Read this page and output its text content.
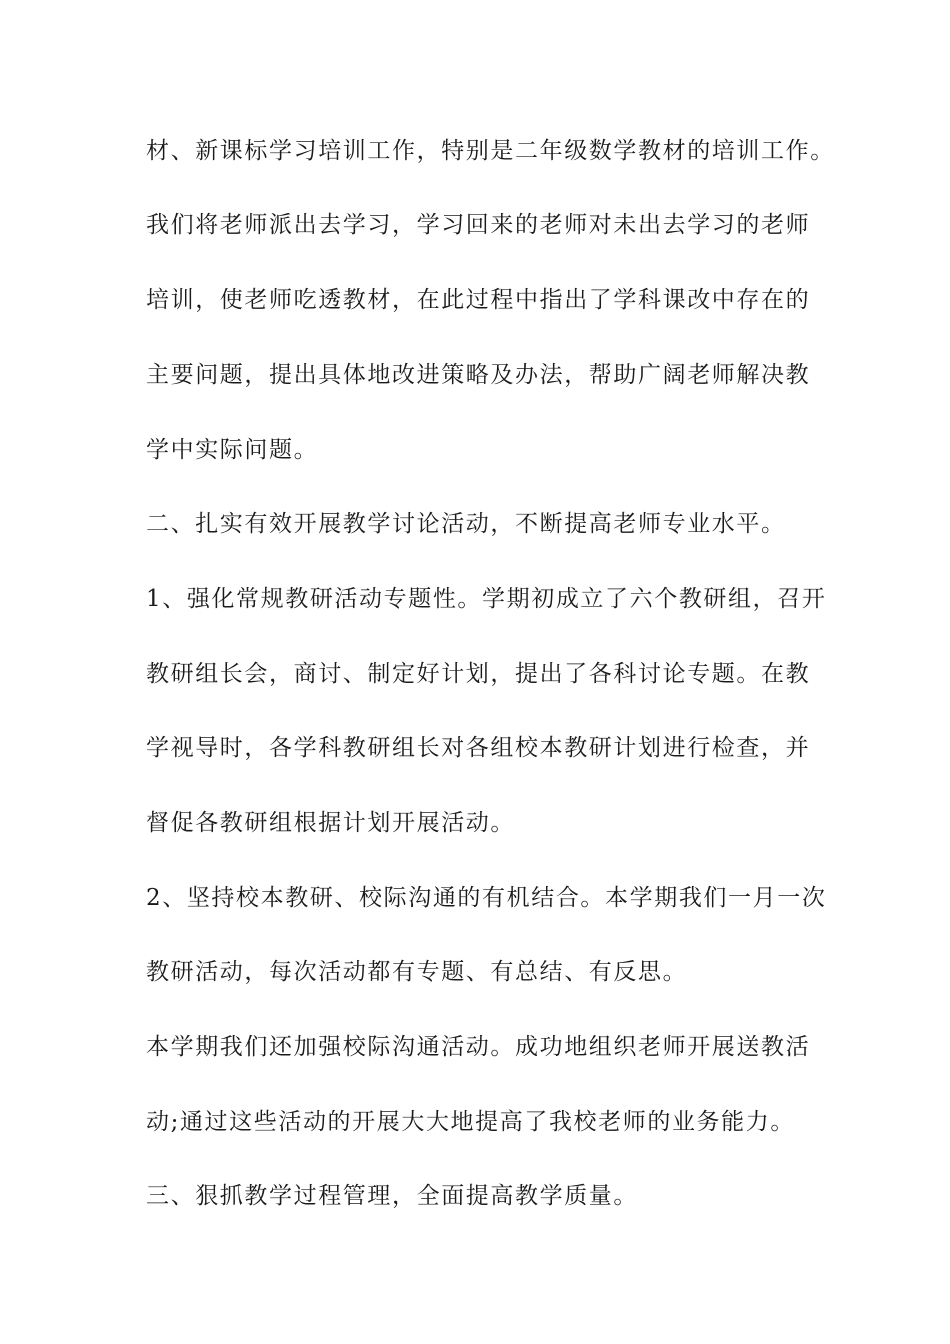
材、新课标学习培训工作，特别是二年级数学教材的培训工作。
我们将老师派出去学习，学习回来的老师对未出去学习的老师
培训，使老师吃透教材，在此过程中指出了学科课改中存在的
主要问题，提出具体地改进策略及办法，帮助广阔老师解决教
学中实际问题。
二、扎实有效开展教学讨论活动，不断提高老师专业水平。
1、强化常规教研活动专题性。学期初成立了六个教研组，召开
教研组长会，商讨、制定好计划，提出了各科讨论专题。在教
学视导时，各学科教研组长对各组校本教研计划进行检查，并
督促各教研组根据计划开展活动。
2、坚持校本教研、校际沟通的有机结合。本学期我们一月一次
教研活动，每次活动都有专题、有总结、有反思。
本学期我们还加强校际沟通活动。成功地组织老师开展送教活
动;通过这些活动的开展大大地提高了我校老师的业务能力。
三、狠抓教学过程管理，全面提高教学质量。
